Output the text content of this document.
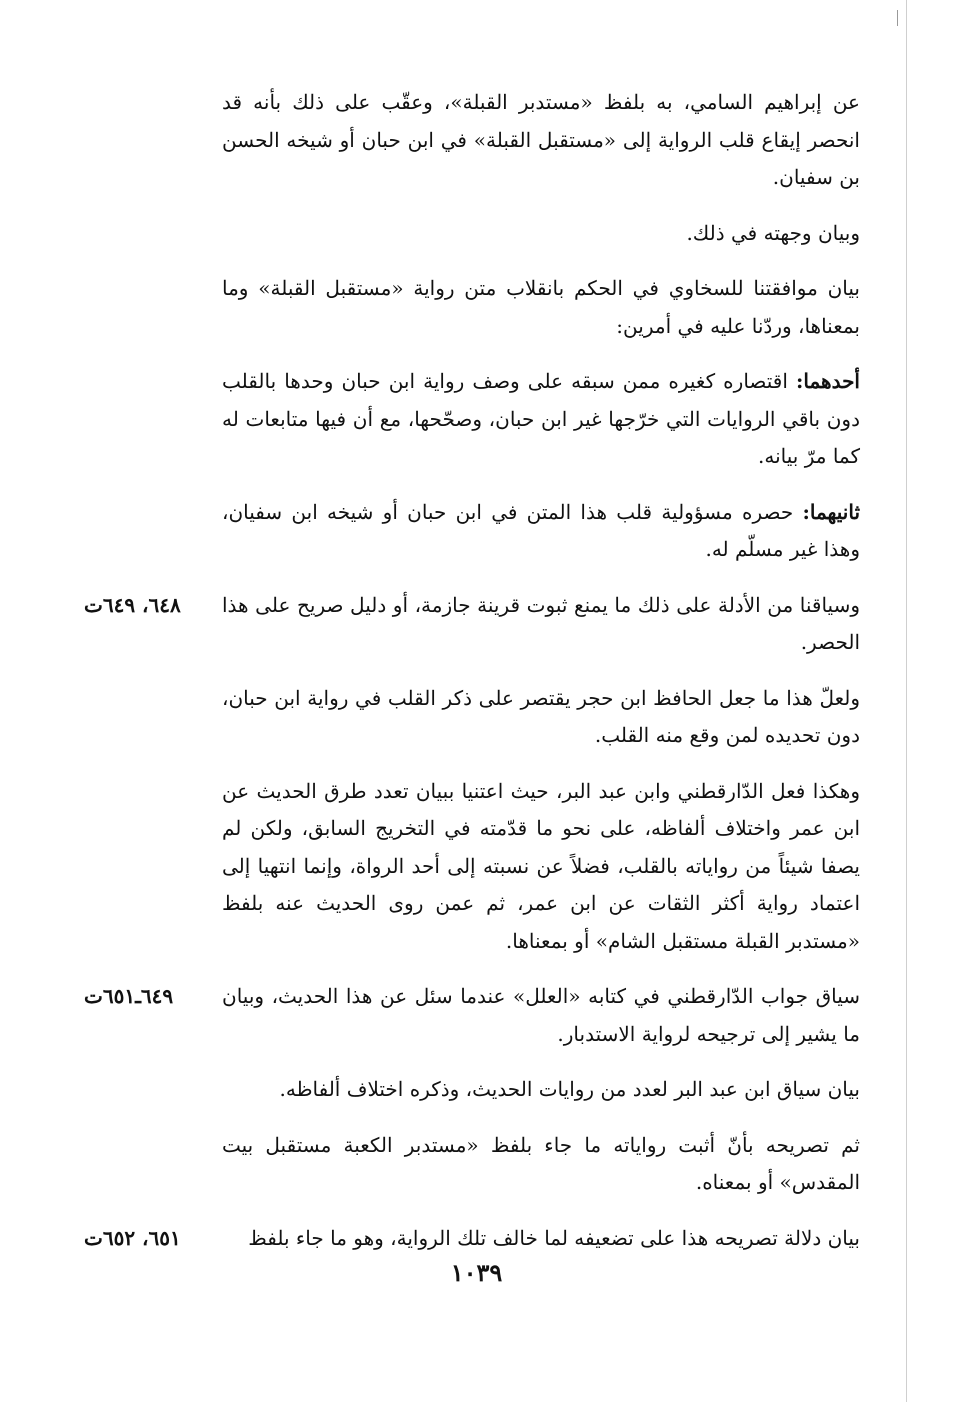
عن إبراهيم السامي، به بلفظ «مستدبر القبلة»، وعقّب على ذلك بأنه قد انحصر إيقاع قلب الرواية إلى «مستقبل القبلة» في ابن حبان أو شيخه الحسن بن سفيان.
وبيان وجهته في ذلك.
بيان موافقتنا للسخاوي في الحكم بانقلاب متن رواية «مستقبل القبلة» وما بمعناها، وردّنا عليه في أمرين:
أحدهما: اقتصاره كغيره ممن سبقه على وصف رواية ابن حبان وحدها بالقلب دون باقي الروايات التي خرّجها غير ابن حبان، وصحّحها، مع أن فيها متابعات له كما مرّ بيانه.
ثانيهما: حصره مسؤولية قلب هذا المتن في ابن حبان أو شيخه ابن سفيان، وهذا غير مسلّم له.
٦٤٨، ٦٤٩ت	وسياقنا من الأدلة على ذلك ما يمنع ثبوت قرينة جازمة، أو دليل صريح على هذا الحصر.
ولعلّ هذا ما جعل الحافظ ابن حجر يقتصر على ذكر القلب في رواية ابن حبان، دون تحديده لمن وقع منه القلب.
وهكذا فعل الدّارقطني وابن عبد البر، حيث اعتنيا ببيان تعدد طرق الحديث عن ابن عمر واختلاف ألفاظه، على نحو ما قدّمته في التخريج السابق، ولكن لم يصفا شيئاً من رواياته بالقلب، فضلاً عن نسبته إلى أحد الرواة، وإنما انتهيا إلى اعتماد رواية أكثر الثقات عن ابن عمر، ثم عمن روى الحديث عنه بلفظ «مستدبر القبلة مستقبل الشام» أو بمعناها.
٦٤٩ـ٦٥١ت	سياق جواب الدّارقطني في كتابه «العلل» عندما سئل عن هذا الحديث، وبيان ما يشير إلى ترجيحه لرواية الاستدبار.
بيان سياق ابن عبد البر لعدد من روايات الحديث، وذكره اختلاف ألفاظه.
ثم تصريحه بأنّ أثبت رواياته ما جاء بلفظ «مستدبر الكعبة مستقبل بيت المقدس» أو بمعناه.
٦٥١، ٦٥٢ت	بيان دلالة تصريحه هذا على تضعيفه لما خالف تلك الرواية، وهو ما جاء بلفظ
١٠٣٩
